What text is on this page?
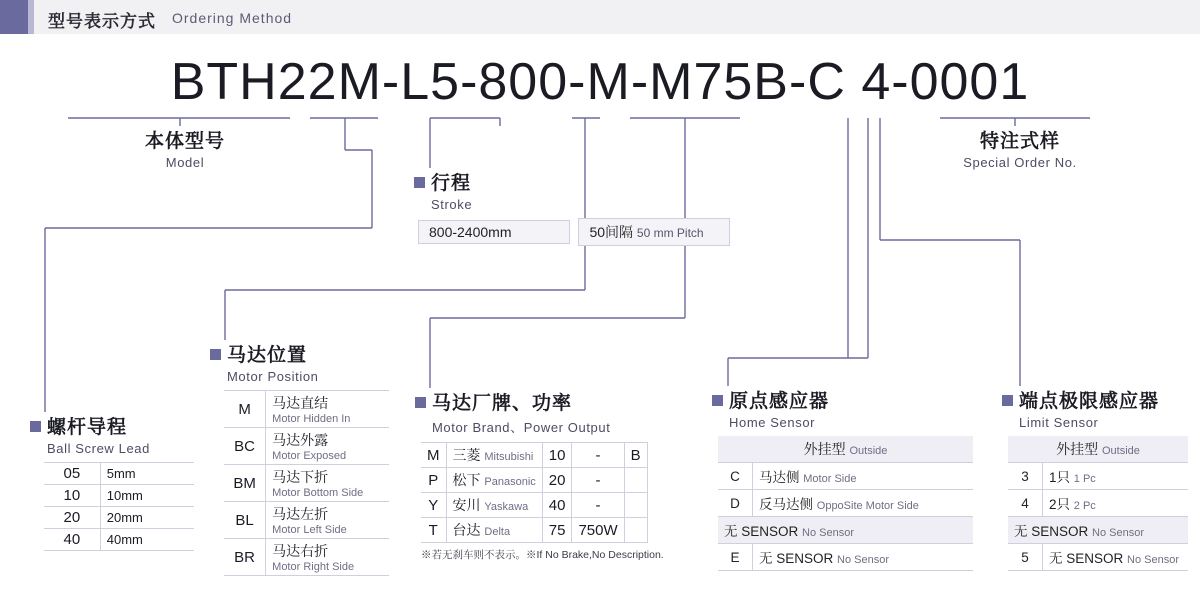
型号表示方式 Ordering Method
BTH22M-L5-800-M-M75B-C 4-0001
本体型号
Model
特注式样
Special Order No.
行程
Stroke
800-2400mm	50间隔 50 mm Pitch
螺杆导程
Ball Screw Lead
05	5mm
10	10mm
20	20mm
40	40mm
马达位置
Motor Position
M	马达直结
Motor Hidden In

BC	马达外露
Motor Exposed

BM	马达下折
Motor Bottom Side

BL	马达左折
Motor Left Side

BR	马达右折
Motor Right Side
马达厂牌、功率
Motor Brand、Power Output
M	三菱 Mitsubishi	10	-	B
P	松下 Panasonic	20	-	
Y	安川 Yaskawa	40	-	
T	台达 Delta	75	750W	
※若无刹车则不表示。※If No Brake,No Description.
原点感应器
Home Sensor
外挂型 Outside	
C	马达侧 Motor Side
D	反马达侧 OppoSite Motor Side
无 SENSOR No Sensor	
E	无 SENSOR No Sensor
端点极限感应器
Limit Sensor
外挂型 Outside	
3	1只 1 Pc
4	2只 2 Pc
无 SENSOR No Sensor	
5	无 SENSOR No Sensor
